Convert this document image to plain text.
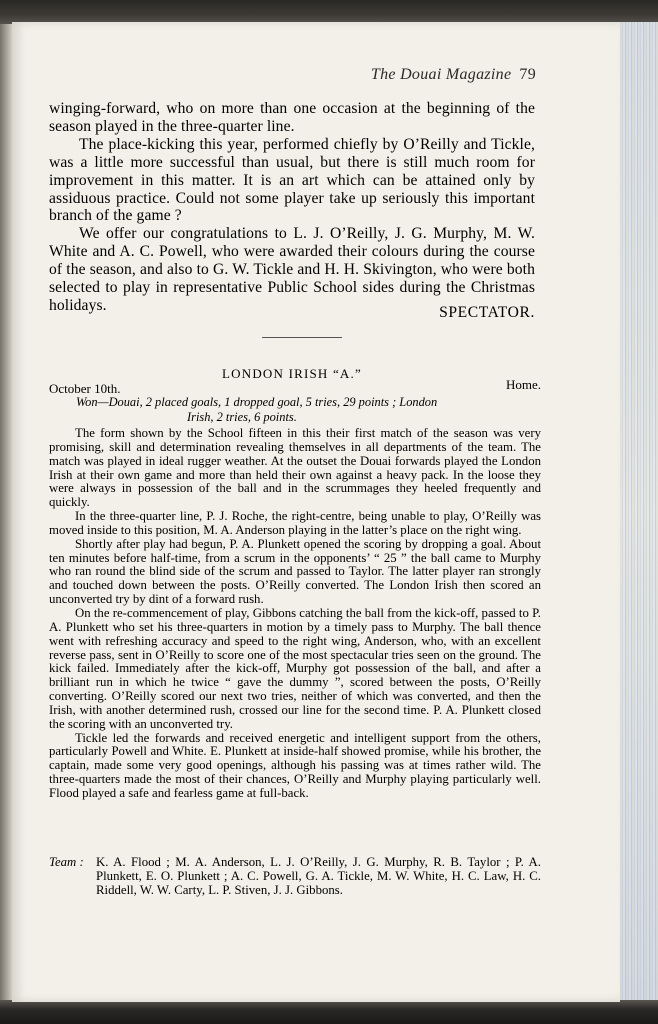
The Douai Magazine 79

winging-forward, who on more than one occasion at the beginning of the season played in the three-quarter line.

The place-kicking this year, performed chiefly by O’Reilly and Tickle, was a little more successful than usual, but there is still much room for improvement in this matter. It is an art which can be attained only by assiduous practice. Could not some player take up seriously this important branch of the game ?

We offer our congratulations to L. J. O’Reilly, J. G. Murphy, M. W. White and A. C. Powell, who were awarded their colours during the course of the season, and also to G. W. Tickle and H. H. Skivington, who were both selected to play in representative Public School sides during the Christmas holidays.	SPECTATOR.
LONDON IRISH “A.”
October 10th.	Home.
Won—Douai, 2 placed goals, 1 dropped goal, 5 tries, 29 points ; London
Irish, 2 tries, 6 points.

The form shown by the School fifteen in this their first match of the season was very promising, skill and determination revealing themselves in all departments of the team. The match was played in ideal rugger weather. At the outset the Douai forwards played the London Irish at their own game and more than held their own against a heavy pack. In the loose they were always in possession of the ball and in the scrummages they heeled frequently and quickly.

In the three-quarter line, P. J. Roche, the right-centre, being unable to play, O’Reilly was moved inside to this position, M. A. Anderson playing in the latter’s place on the right wing.

Shortly after play had begun, P. A. Plunkett opened the scoring by dropping a goal. About ten minutes before half-time, from a scrum in the opponents’ “ 25 ” the ball came to Murphy who ran round the blind side of the scrum and passed to Taylor. The latter player ran strongly and touched down between the posts. O’Reilly converted. The London Irish then scored an unconverted try by dint of a forward rush.

On the re-commencement of play, Gibbons catching the ball from the kick-off, passed to P. A. Plunkett who set his three-quarters in motion by a timely pass to Murphy. The ball thence went with refreshing accuracy and speed to the right wing, Anderson, who, with an excellent reverse pass, sent in O’Reilly to score one of the most spectacular tries seen on the ground. The kick failed. Immediately after the kick-off, Murphy got possession of the ball, and after a brilliant run in which he twice “ gave the dummy ”, scored between the posts, O’Reilly converting. O’Reilly scored our next two tries, neither of which was converted, and then the Irish, with another determined rush, crossed our line for the second time. P. A. Plunkett closed the scoring with an unconverted try.

Tickle led the forwards and received energetic and intelligent support from the others, particularly Powell and White. E. Plunkett at inside-half showed promise, while his brother, the captain, made some very good openings, although his passing was at times rather wild. The three-quarters made the most of their chances, O’Reilly and Murphy playing particularly well. Flood played a safe and fearless game at full-back.

Team : K. A. Flood ; M. A. Anderson, L. J. O’Reilly, J. G. Murphy, R. B. Taylor ; P. A. Plunkett, E. O. Plunkett ; A. C. Powell, G. A. Tickle, M. W. White, H. C. Law, H. C. Riddell, W. W. Carty, L. P. Stiven, J. J. Gibbons.
